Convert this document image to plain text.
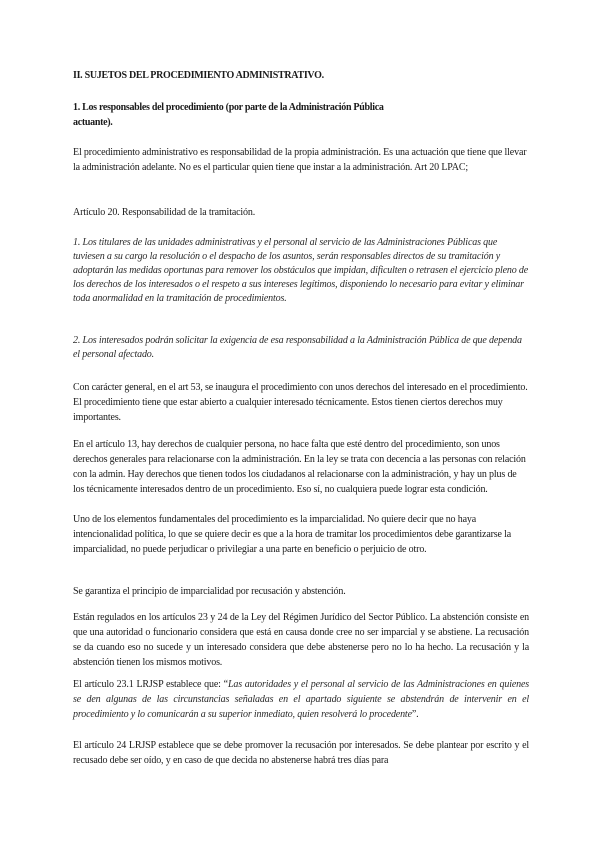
II. SUJETOS DEL PROCEDIMIENTO ADMINISTRATIVO.

1. Los responsables del procedimiento (por parte de la Administración Pública
actuante).

El procedimiento administrativo es responsabilidad de la propia administración. Es una actuación que tiene que llevar la administración adelante. No es el particular quien tiene que instar a la administración. Art 20 LPAC;

Artículo 20. Responsabilidad de la tramitación.

1. Los titulares de las unidades administrativas y el personal al servicio de las Administraciones Públicas que tuviesen a su cargo la resolución o el despacho de los asuntos, serán responsables directos de su tramitación y adoptarán las medidas oportunas para remover los obstáculos que impidan, dificulten o retrasen el ejercicio pleno de los derechos de los interesados o el respeto a sus intereses legítimos, disponiendo lo necesario para evitar y eliminar toda anormalidad en la tramitación de procedimientos.

2. Los interesados podrán solicitar la exigencia de esa responsabilidad a la Administración Pública de que dependa el personal afectado.

Con carácter general, en el art 53, se inaugura el procedimiento con unos derechos del interesado en el procedimiento. El procedimiento tiene que estar abierto a cualquier interesado técnicamente. Estos tienen ciertos derechos muy importantes.

En el artículo 13, hay derechos de cualquier persona, no hace falta que esté dentro del procedimiento, son unos derechos generales para relacionarse con la administración. En la ley se trata con decencia a las personas con relación con la admin. Hay derechos que tienen todos los ciudadanos al relacionarse con la administración, y hay un plus de los técnicamente interesados dentro de un procedimiento. Eso sí, no cualquiera puede lograr esta condición.

Uno de los elementos fundamentales del procedimiento es la imparcialidad. No quiere decir que no haya intencionalidad política, lo que se quiere decir es que a la hora de tramitar los procedimientos debe garantizarse la imparcialidad, no puede perjudicar o privilegiar a una parte en beneficio o perjuicio de otro.

Se garantiza el principio de imparcialidad por recusación y abstención.

Están regulados en los artículos 23 y 24 de la Ley del Régimen Jurídico del Sector Público. La abstención consiste en que una autoridad o funcionario considera que está en causa donde cree no ser imparcial y se abstiene. La recusación se da cuando eso no sucede y un interesado considera que debe abstenerse pero no lo ha hecho. La recusación y la abstención tienen los mismos motivos.

El artículo 23.1 LRJSP establece que: “Las autoridades y el personal al servicio de las Administraciones en quienes se den algunas de las circunstancias señaladas en el apartado siguiente se abstendrán de intervenir en el procedimiento y lo comunicarán a su superior inmediato, quien resolverá lo procedente”.

El artículo 24 LRJSP establece que se debe promover la recusación por interesados. Se debe plantear por escrito y el recusado debe ser oído, y en caso de que decida no abstenerse habrá tres días para
